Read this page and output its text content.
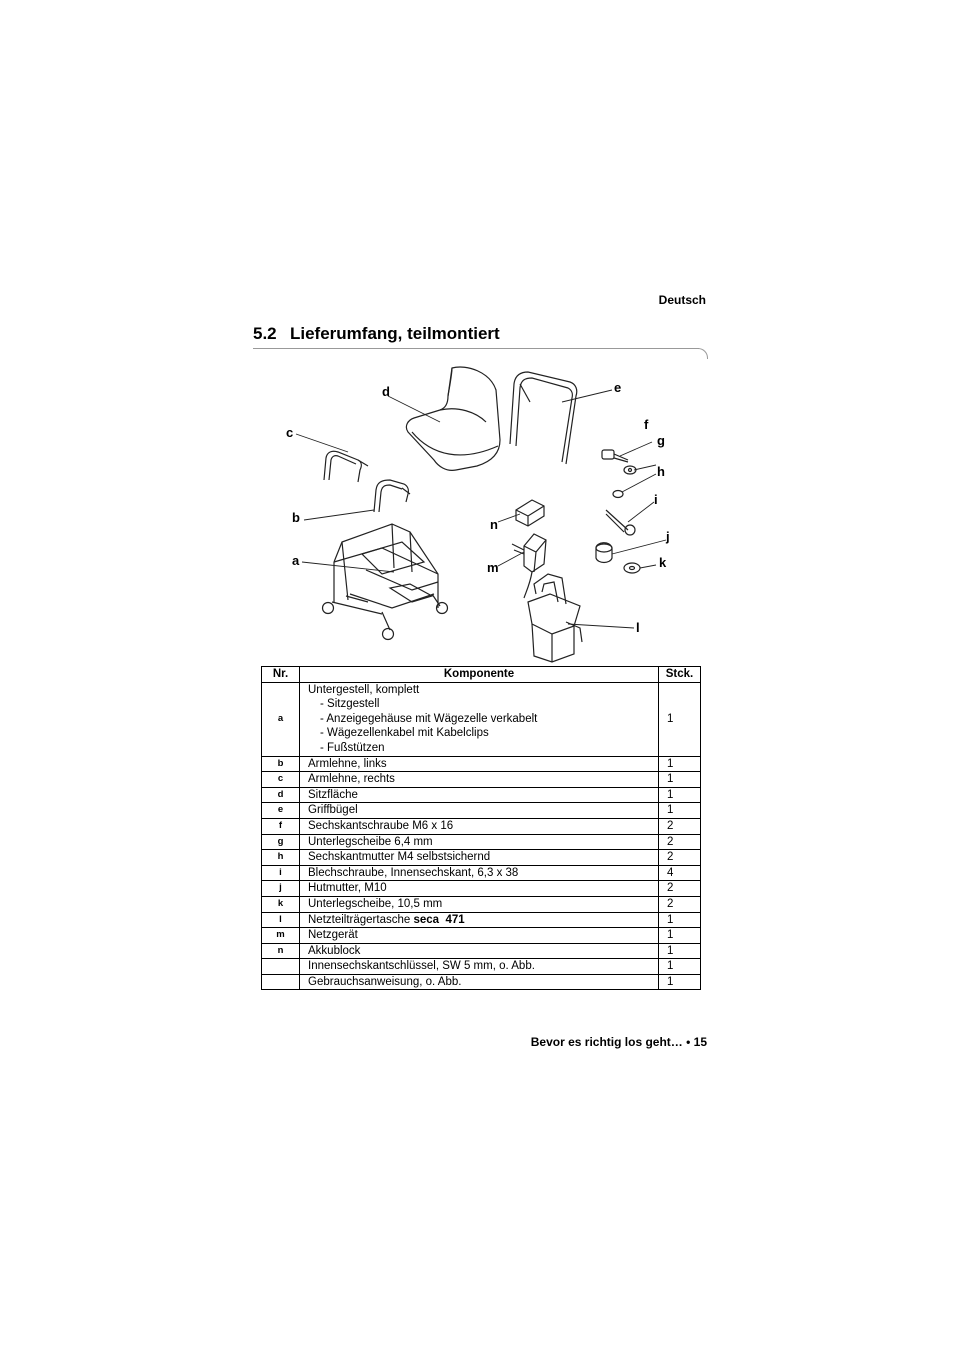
Deutsch
5.2 Lieferumfang, teilmontiert
d	e
c
f
g
h
i
b	n
j
a	k
m
l
Nr.	Komponente	Stck.
a	Untergestell, komplett
- Sitzgestell
- Anzeigegehäuse mit Wägezelle verkabelt
- Wägezellenkabel mit Kabelclips
- Fußstützen	1
b	Armlehne, links	1
c	Armlehne, rechts	1
d	Sitzfläche	1
e	Griffbügel	1
f	Sechskantschraube M6 x 16	2
g	Unterlegscheibe 6,4 mm	2
h	Sechskantmutter M4 selbstsichernd	2
i	Blechschraube, Innensechskant, 6,3 x 38	4
j	Hutmutter, M10	2
k	Unterlegscheibe, 10,5 mm	2
l	Netzteilträgertasche seca  471	1
m	Netzgerät	1
n	Akkublock	1
	Innensechskantschlüssel, SW 5 mm, o. Abb.	1
	Gebrauchsanweisung, o. Abb.	1
Bevor es richtig los geht… • 15
